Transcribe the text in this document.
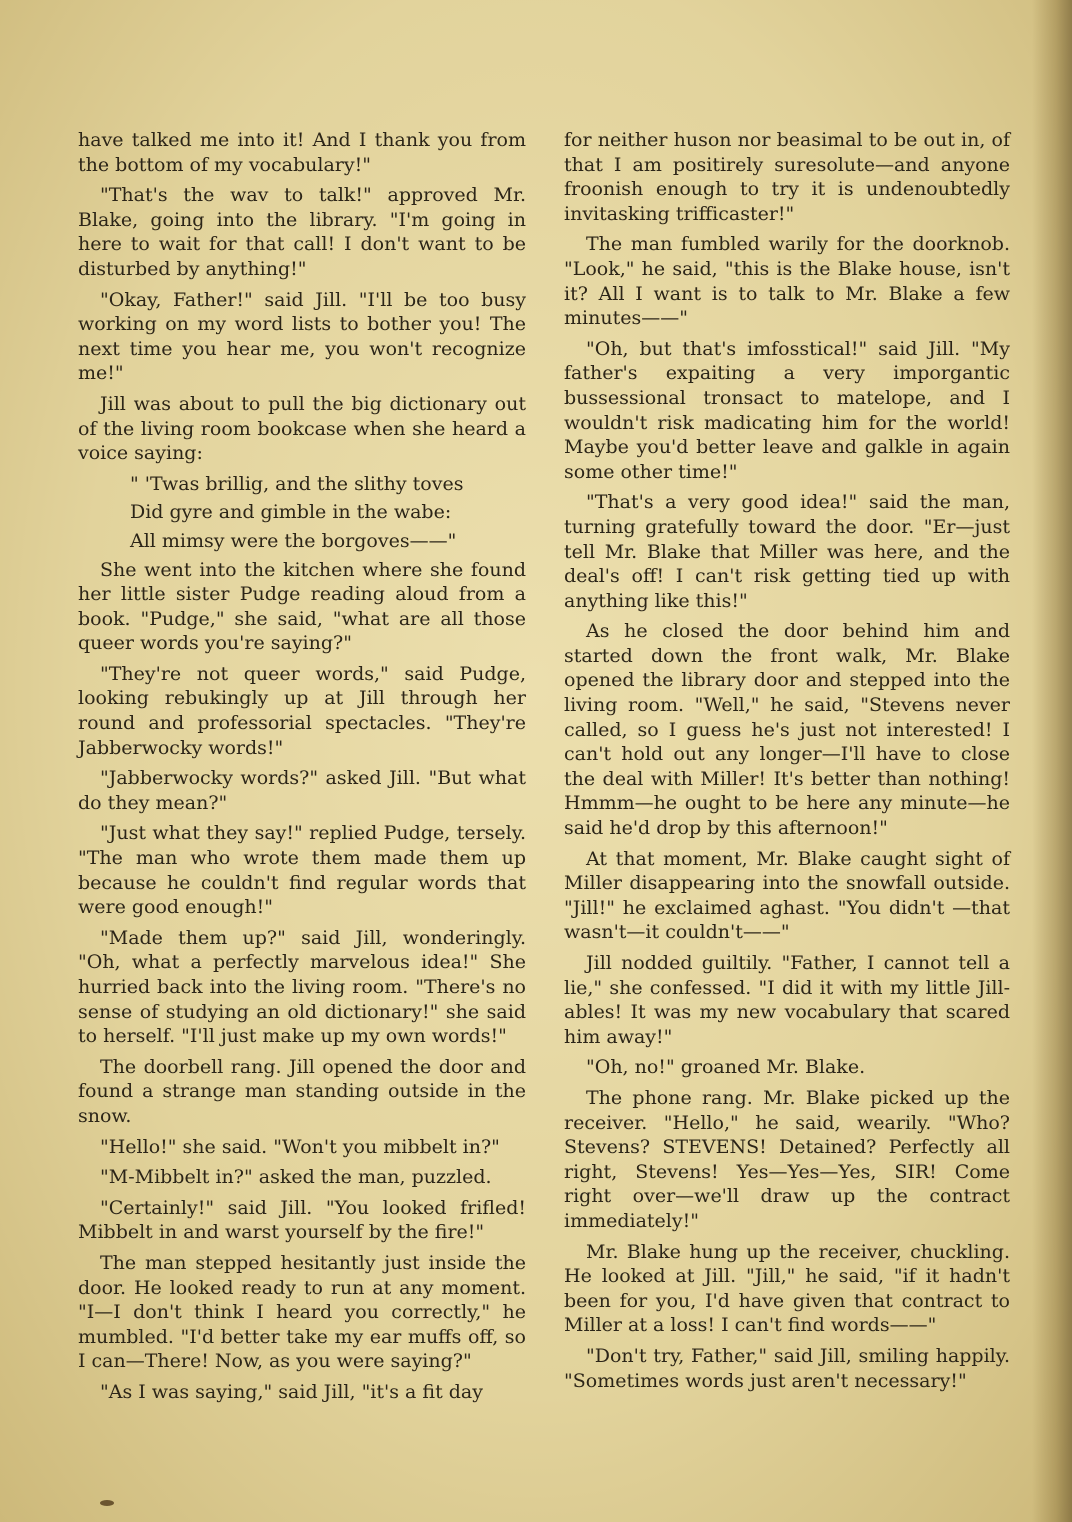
have talked me into it! And I thank you from the bottom of my vocabulary!"

"That's the wav to talk!" approved Mr. Blake, going into the library. "I'm going in here to wait for that call! I don't want to be disturbed by anything!"

"Okay, Father!" said Jill. "I'll be too busy working on my word lists to bother you! The next time you hear me, you won't recognize me!"

Jill was about to pull the big dictionary out of the living room bookcase when she heard a voice saying:

" 'Twas brillig, and the slithy toves

Did gyre and gimble in the wabe:

All mimsy were the borgoves——"

She went into the kitchen where she found her little sister Pudge reading aloud from a book. "Pudge," she said, "what are all those queer words you're saying?"

"They're not queer words," said Pudge, looking rebukingly up at Jill through her round and professorial spectacles. "They're Jabberwocky words!"

"Jabberwocky words?" asked Jill. "But what do they mean?"

"Just what they say!" replied Pudge, tersely. "The man who wrote them made them up because he couldn't find regular words that were good enough!"

"Made them up?" said Jill, wonderingly. "Oh, what a perfectly marvelous idea!" She hurried back into the living room. "There's no sense of studying an old dictionary!" she said to herself. "I'll just make up my own words!"

The doorbell rang. Jill opened the door and found a strange man standing outside in the snow.

"Hello!" she said. "Won't you mibbelt in?"

"M-Mibbelt in?" asked the man, puzzled.

"Certainly!" said Jill. "You looked frifled! Mibbelt in and warst yourself by the fire!"

The man stepped hesitantly just inside the door. He looked ready to run at any moment. "I—I don't think I heard you correctly," he mumbled. "I'd better take my ear muffs off, so I can—There! Now, as you were saying?"

"As I was saying," said Jill, "it's a fit day

for neither huson nor beasimal to be out in, of that I am positirely suresolute—and anyone froonish enough to try it is undenoubtedly invitasking trifficaster!"

The man fumbled warily for the doorknob. "Look," he said, "this is the Blake house, isn't it? All I want is to talk to Mr. Blake a few minutes——"

"Oh, but that's imfosstical!" said Jill. "My father's expaiting a very imporgantic bussessional tronsact to matelope, and I wouldn't risk madicating him for the world! Maybe you'd better leave and galkle in again some other time!"

"That's a very good idea!" said the man, turning gratefully toward the door. "Er—just tell Mr. Blake that Miller was here, and the deal's off! I can't risk getting tied up with anything like this!"

As he closed the door behind him and started down the front walk, Mr. Blake opened the library door and stepped into the living room. "Well," he said, "Stevens never called, so I guess he's just not interested! I can't hold out any longer—I'll have to close the deal with Miller! It's better than nothing! Hmmm—he ought to be here any minute—he said he'd drop by this afternoon!"

At that moment, Mr. Blake caught sight of Miller disappearing into the snowfall outside. "Jill!" he exclaimed aghast. "You didn't —that wasn't—it couldn't——"

Jill nodded guiltily. "Father, I cannot tell a lie," she confessed. "I did it with my little Jill-ables! It was my new vocabulary that scared him away!"

"Oh, no!" groaned Mr. Blake.

The phone rang. Mr. Blake picked up the receiver. "Hello," he said, wearily. "Who? Stevens? STEVENS! Detained? Perfectly all right, Stevens! Yes—Yes—Yes, SIR! Come right over—we'll draw up the contract immediately!"

Mr. Blake hung up the receiver, chuckling. He looked at Jill. "Jill," he said, "if it hadn't been for you, I'd have given that contract to Miller at a loss! I can't find words——"

"Don't try, Father," said Jill, smiling happily. "Sometimes words just aren't necessary!"
